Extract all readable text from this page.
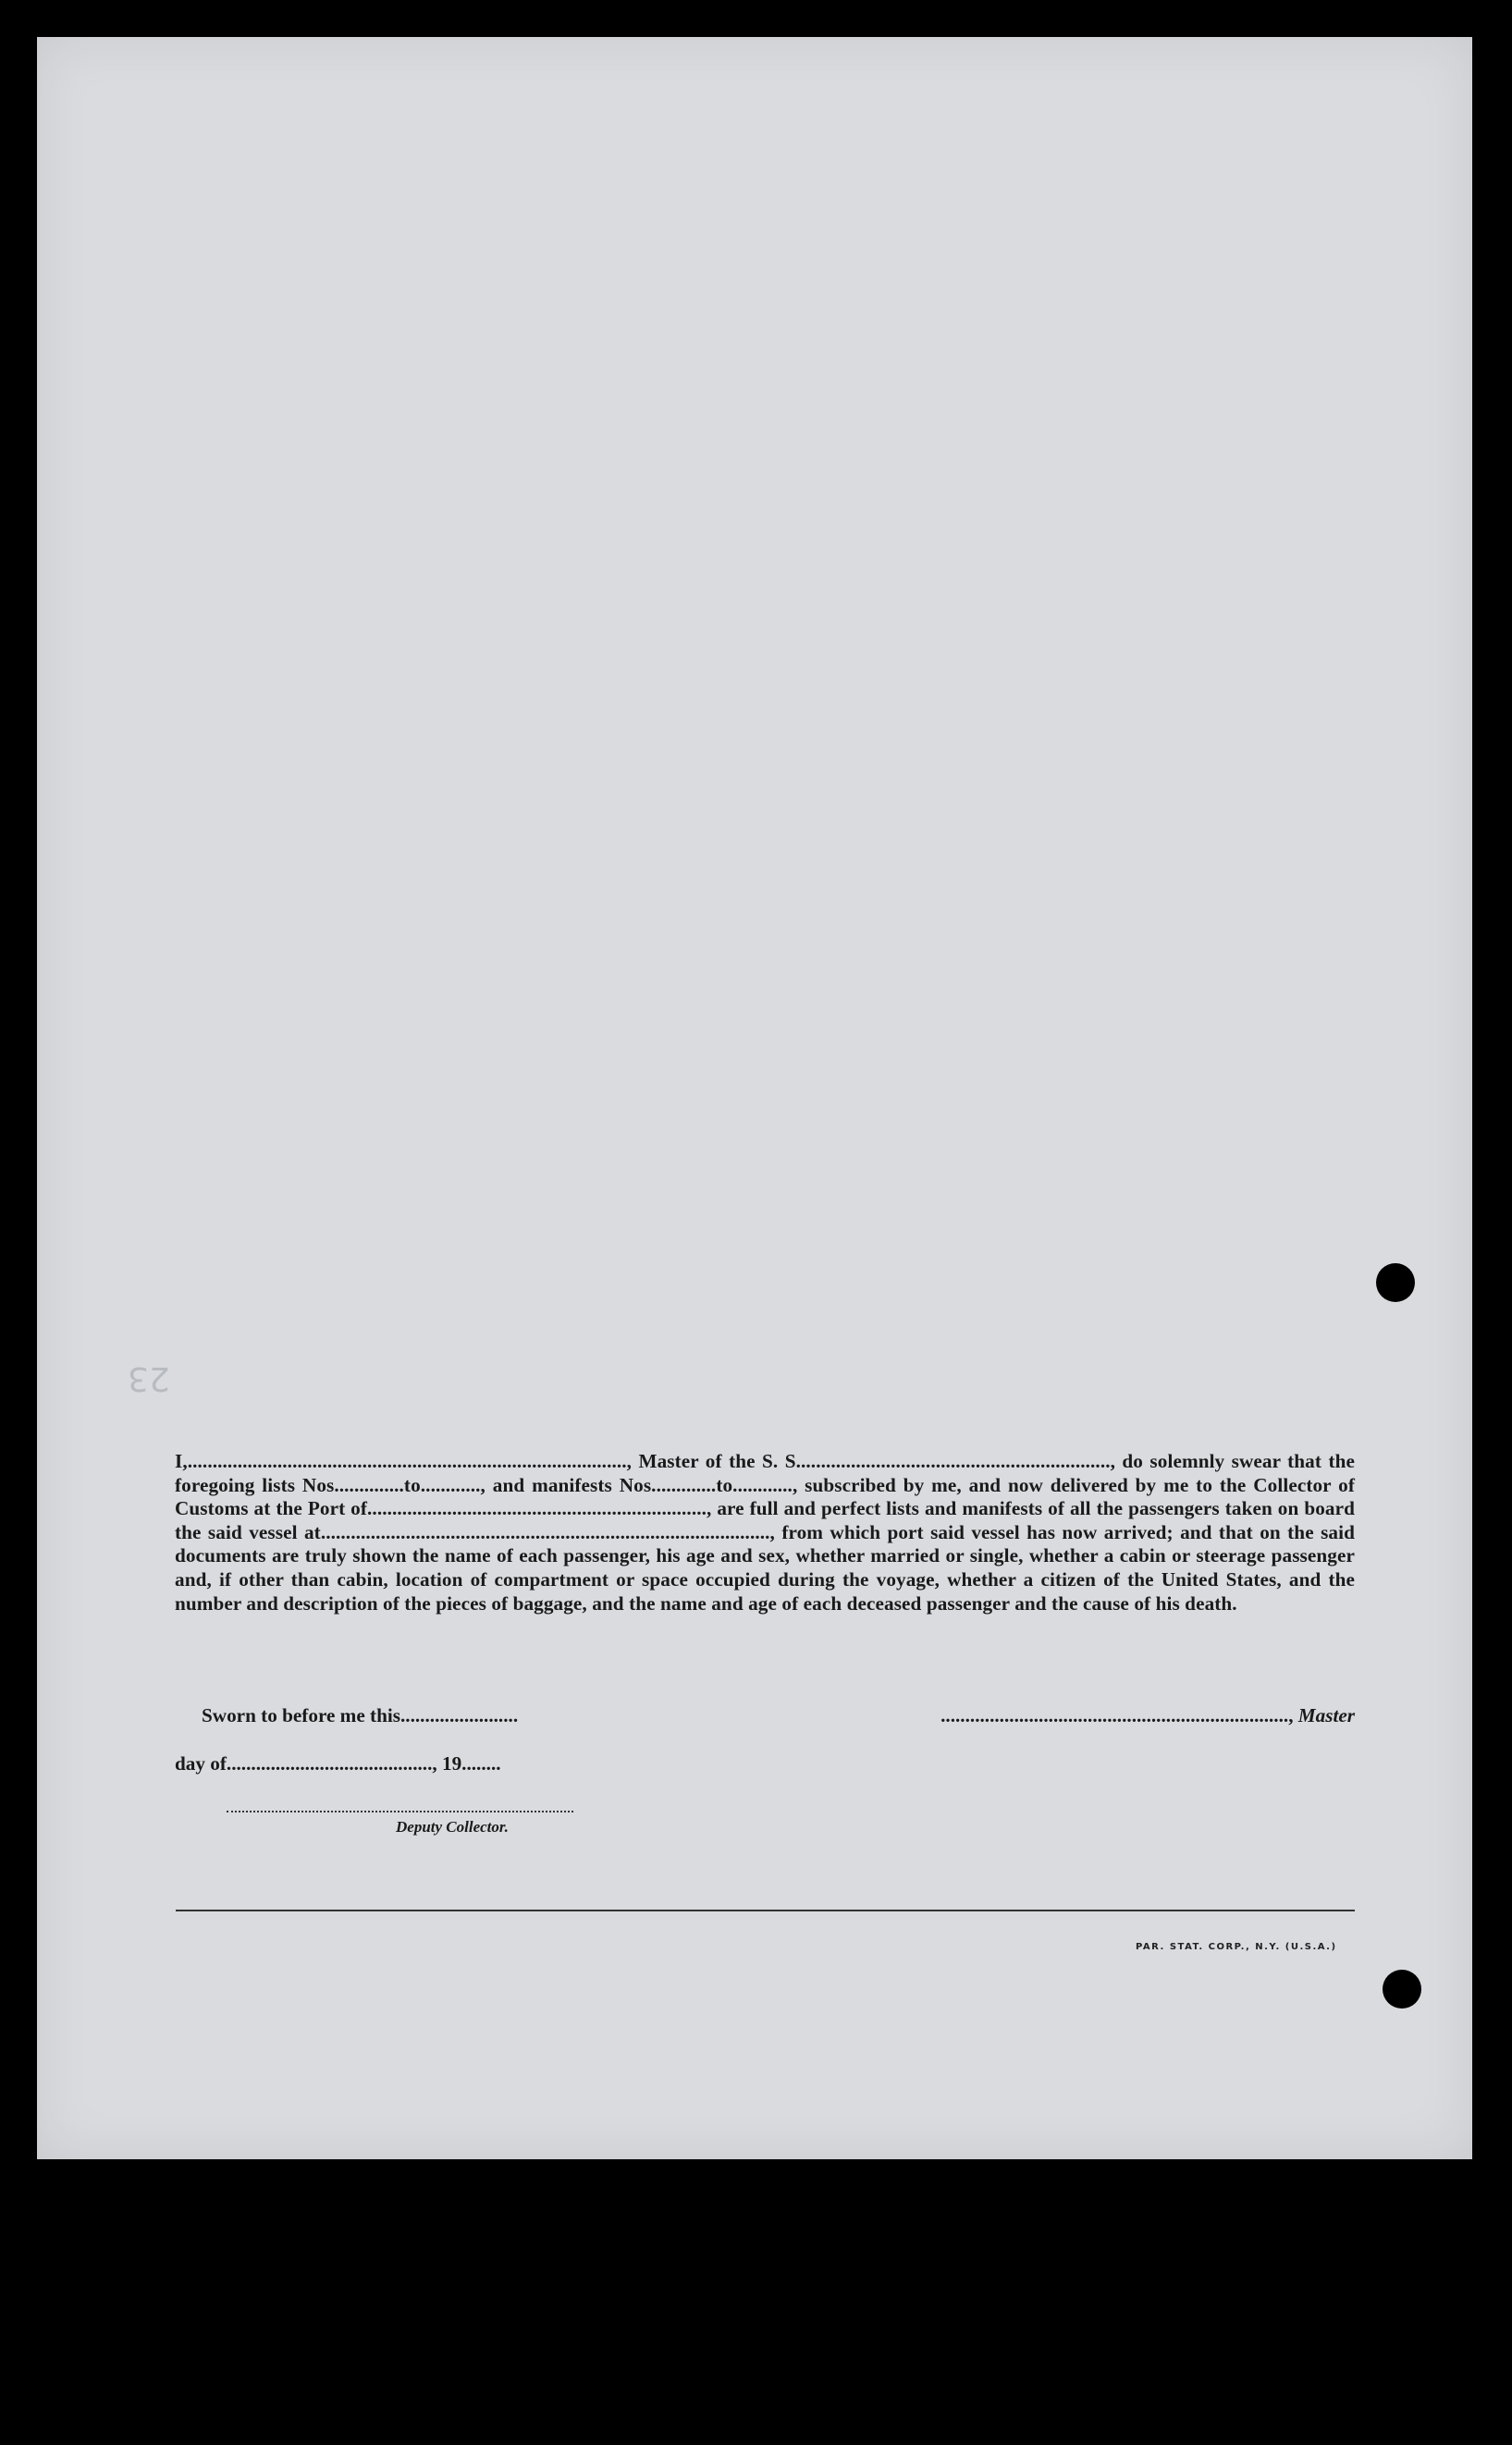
23

I,........................................................................................, Master of the S. S..............................................................., do solemnly swear that the foregoing lists Nos..............to............, and manifests Nos.............to............, subscribed by me, and now delivered by me to the Collector of Customs at the Port of...................................................................., are full and perfect lists and manifests of all the passengers taken on board the said vessel at.........................................................................................., from which port said vessel has now arrived; and that on the said documents are truly shown the name of each passenger, his age and sex, whether married or single, whether a cabin or steerage passenger and, if other than cabin, location of compartment or space occupied during the voyage, whether a citizen of the United States, and the number and description of the pieces of baggage, and the name and age of each deceased passenger and the cause of his death.

Sworn to before me this........................	......................................................................., Master
day of.........................................., 19........
Deputy Collector.
PAR. STAT. CORP., N.Y. (U.S.A.)
